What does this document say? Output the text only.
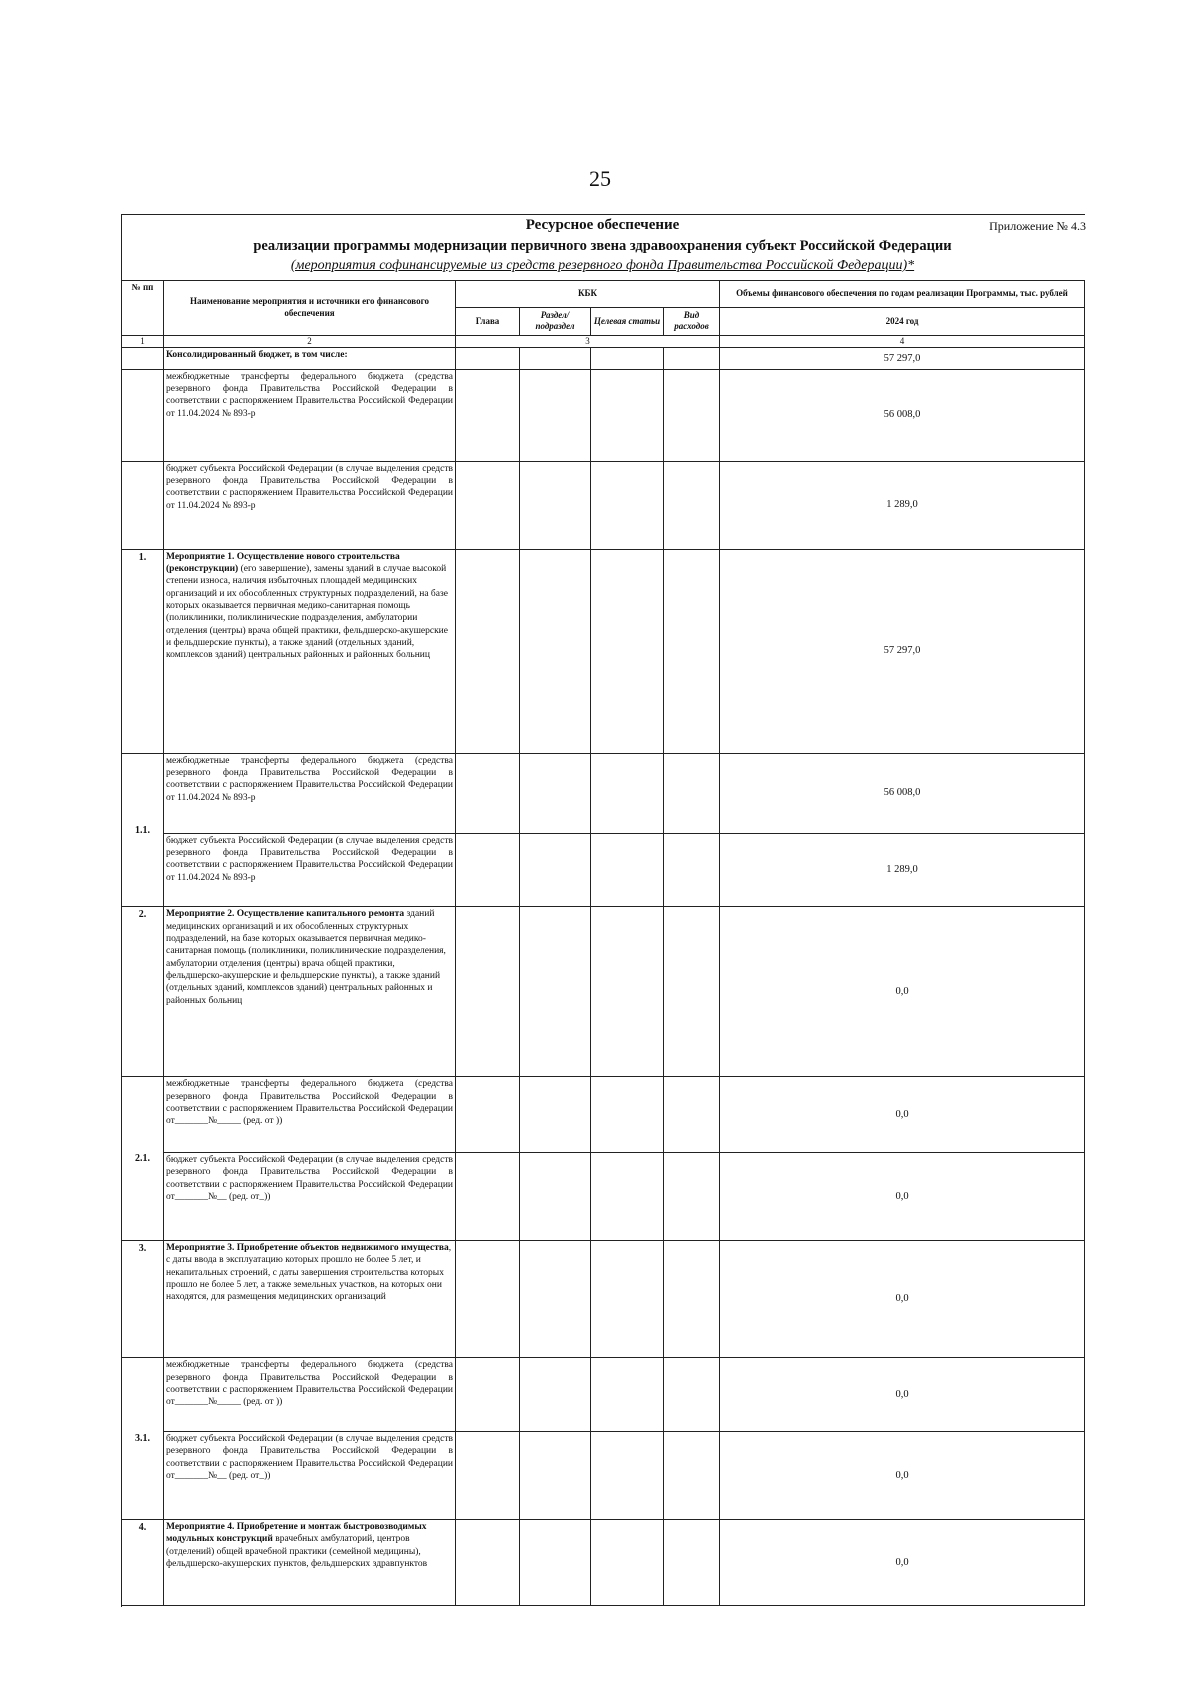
25
Ресурсное обеспечение	Приложение № 4.3
реализации программы модернизации первичного звена здравоохранения субъект Российской Федерации
(мероприятия софинансируемые из средств резервного фонда Правительства Российской Федерации)*
№ пп	Наименование мероприятия и источники его финансового обеспечения	КБК				Объемы финансового обеспечения по годам реализации Программы, тыс. рублей
		Глава	Раздел/ подраздел	Целевая статьи	Вид расходов	2024 год
1	2	3				4
	Консолидированный бюджет, в том числе:					57 297,0
	межбюджетные трансферты федерального бюджета (средства резервного фонда Правительства Российской Федерации в соответствии с распоряжением Правительства Российской Федерации от 11.04.2024 № 893-р					56 008,0
	бюджет субъекта Российской Федерации (в случае выделения средств резервного фонда Правительства Российской Федерации в соответствии с распоряжением Правительства Российской Федерации от 11.04.2024 № 893-р					1 289,0
1.	Мероприятие 1. Осуществление нового строительства (реконструкции) (его завершение), замены зданий в случае высокой степени износа, наличия избыточных площадей медицинских организаций и их обособленных структурных подразделений, на базе которых оказывается первичная медико-санитарная помощь (поликлиники, поликлинические подразделения, амбулатории отделения (центры) врача общей практики, фельдшерско-акушерские и фельдшерские пункты), а также зданий (отдельных зданий, комплексов зданий) центральных районных и районных больниц					57 297,0
1.1.	межбюджетные трансферты федерального бюджета (средства резервного фонда Правительства Российской Федерации в соответствии с распоряжением Правительства Российской Федерации от 11.04.2024 № 893-р					56 008,0
	бюджет субъекта Российской Федерации (в случае выделения средств резервного фонда Правительства Российской Федерации в соответствии с распоряжением Правительства Российской Федерации от 11.04.2024 № 893-р					1 289,0
2.	Мероприятие 2. Осуществление капитального ремонта зданий медицинских организаций и их обособленных структурных подразделений, на базе которых оказывается первичная медико-санитарная помощь (поликлиники, поликлинические подразделения, амбулатории отделения (центры) врача общей практики, фельдшерско-акушерские и фельдшерские пункты), а также зданий (отдельных зданий, комплексов зданий) центральных районных и районных больниц					0,0
2.1.	межбюджетные трансферты федерального бюджета (средства резервного фонда Правительства Российской Федерации в соответствии с распоряжением Правительства Российской Федерации от_______№_____ (ред. от ))					0,0
	бюджет субъекта Российской Федерации (в случае выделения средств резервного фонда Правительства Российской Федерации в соответствии с распоряжением Правительства Российской Федерации от_______№__ (ред. от_))					0,0
3.	Мероприятие 3. Приобретение объектов недвижимого имущества, с даты ввода в эксплуатацию которых прошло не более 5 лет, и некапитальных строений, с даты завершения строительства которых прошло не более 5 лет, а также земельных участков, на которых они находятся, для размещения медицинских организаций					0,0
3.1.	межбюджетные трансферты федерального бюджета (средства резервного фонда Правительства Российской Федерации в соответствии с распоряжением Правительства Российской Федерации от_______№_____ (ред. от ))					0,0
	бюджет субъекта Российской Федерации (в случае выделения средств резервного фонда Правительства Российской Федерации в соответствии с распоряжением Правительства Российской Федерации от_______№__ (ред. от_))					0,0
4.	Мероприятие 4. Приобретение и монтаж быстровозводимых модульных конструкций врачебных амбулаторий, центров (отделений) общей врачебной практики (семейной медицины), фельдшерско-акушерских пунктов, фельдшерских здравпунктов					0,0
